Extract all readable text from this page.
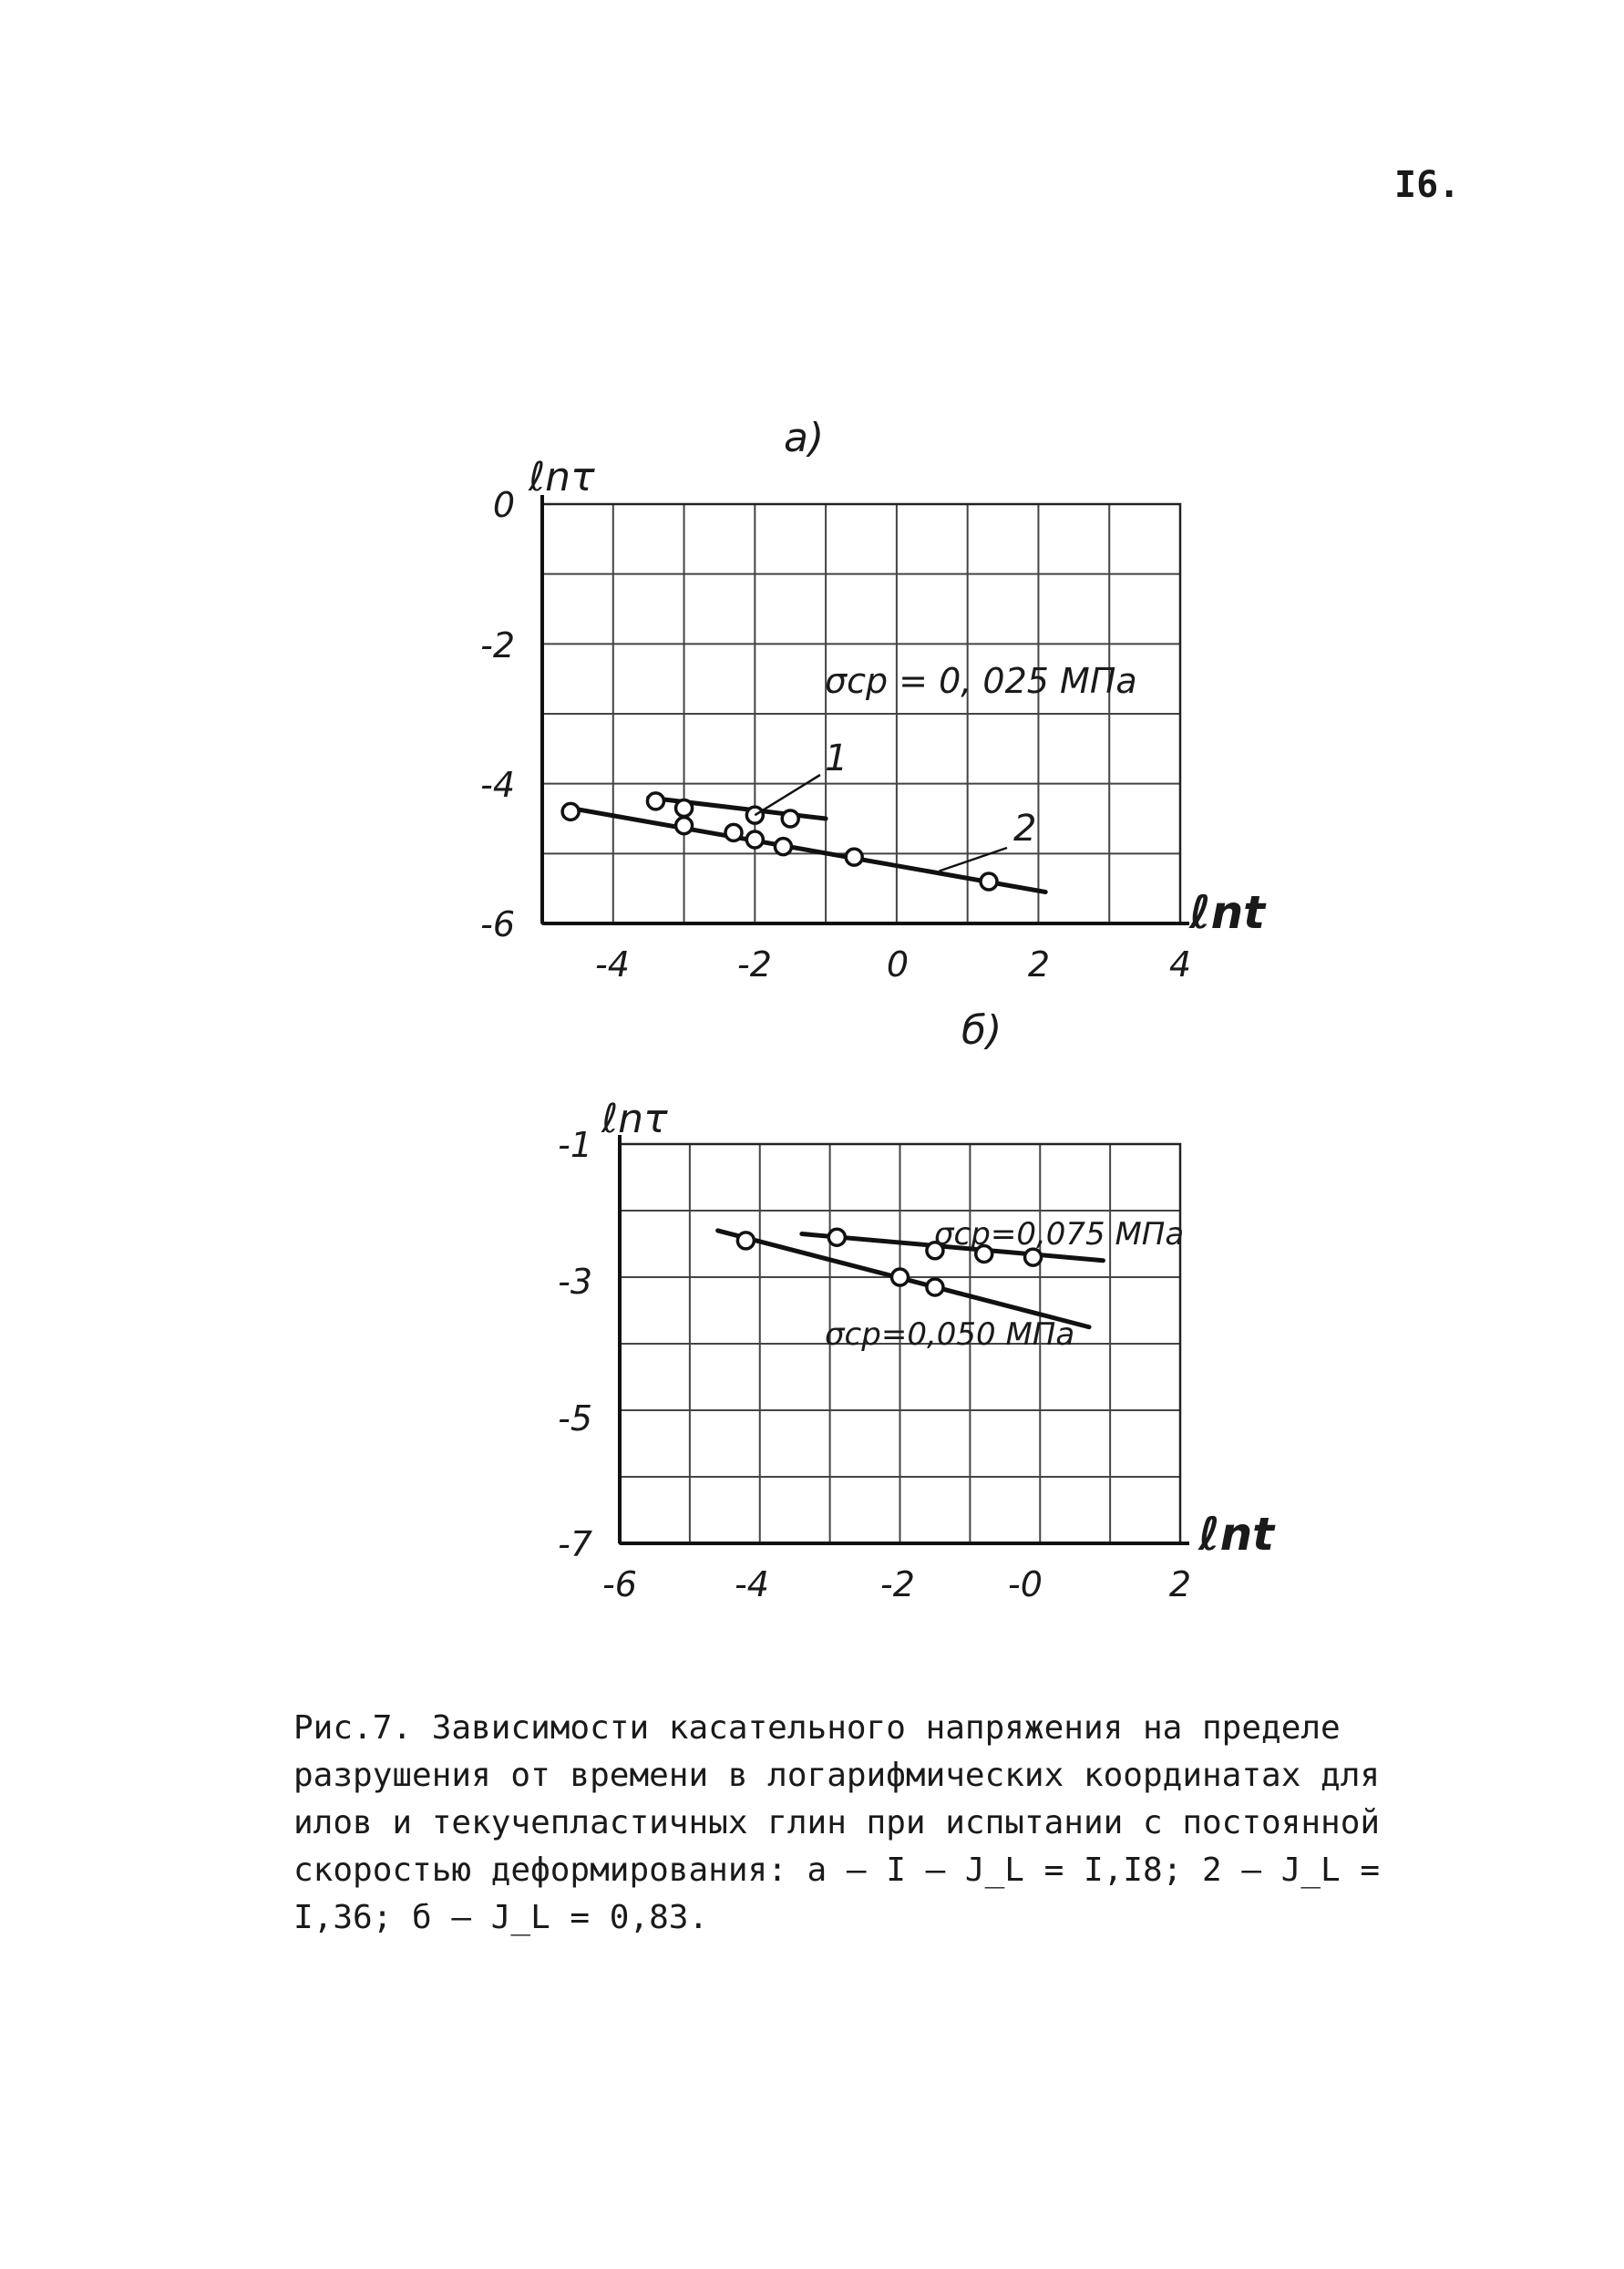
I6.
-4	-2	0	2	4
0
-2
-4
-6
ℓnτ
ℓnt
а)
σср = 0, 025 МПа
1
2
-6	-4	-2	-0	2
-1
-3
-5
-7
ℓnτ
ℓnt
б)
σср=0,075 МПа
σср=0,050 МПа
Рис.7. Зависимости касательного напряжения на пределе разрушения от времени в логарифмических координатах для илов и текучепластичных глин при испытании с постоянной скоростью деформирования: а – I – J_L = I,I8; 2 – J_L = I,36; б – J_L = 0,83.
